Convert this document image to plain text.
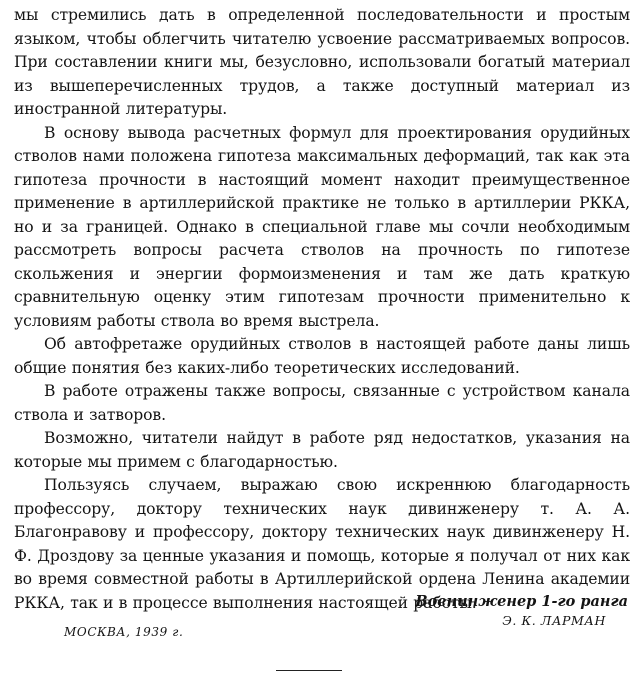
мы стремились дать в определенной последовательности и простым языком, чтобы облегчить читателю усвоение рассматриваемых вопросов. При составлении книги мы, безусловно, использовали богатый материал из вышеперечисленных трудов, а также доступный материал из иностранной литературы.

В основу вывода расчетных формул для проектирования орудийных стволов нами положена гипотеза максимальных деформаций, так как эта гипотеза прочности в настоящий момент находит преимущественное применение в артиллерийской практике не только в артиллерии РККА, но и за границей. Однако в специальной главе мы сочли необходимым рассмотреть вопросы расчета стволов на прочность по гипотезе скольжения и энергии формоизменения и там же дать краткую сравнительную оценку этим гипотезам прочности применительно к условиям работы ствола во время выстрела.

Об автофретаже орудийных стволов в настоящей работе даны лишь общие понятия без каких-либо теоретических исследований.

В работе отражены также вопросы, связанные с устройством канала ствола и затворов.

Возможно, читатели найдут в работе ряд недостатков, указания на которые мы примем с благодарностью.

Пользуясь случаем, выражаю свою искреннюю благодарность профессору, доктору технических наук дивинженеру т. А. А. Благонравову и профессору, доктору технических наук дивинженеру Н. Ф. Дроздову за ценные указания и помощь, которые я получал от них как во время совместной работы в Артиллерийской ордена Ленина академии РККА, так и в процессе выполнения настоящей работы.

Военинженер 1-го ранга
Э. К. ЛАРМАН
МОСКВА, 1939 г.
